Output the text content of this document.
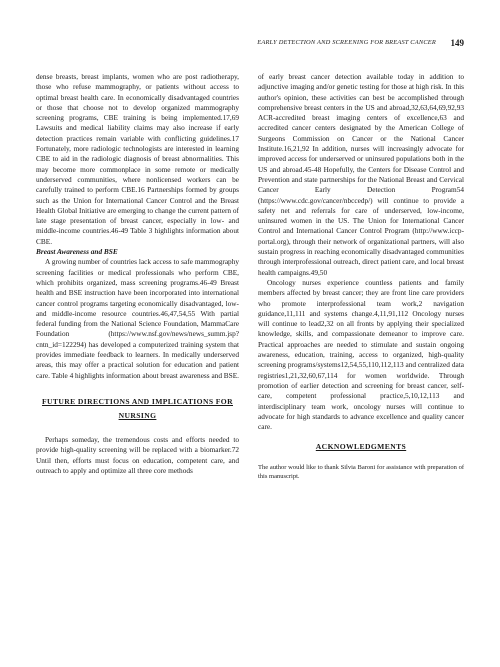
EARLY DETECTION AND SCREENING FOR BREAST CANCER 149

dense breasts, breast implants, women who are post radiotherapy, those who refuse mammography, or patients without access to optimal breast health care. In economically disadvantaged countries or those that choose not to develop organized mammography screening programs, CBE training is being implemented.17,69 Lawsuits and medical liability claims may also increase if early detection practices remain variable with conflicting guidelines.17 Fortunately, more radiologic technologists are interested in learning CBE to aid in the radiologic diagnosis of breast abnormalities. This may become more commonplace in some remote or medically underserved communities, where nonlicensed workers can be carefully trained to perform CBE.16 Partnerships formed by groups such as the Union for International Cancer Control and the Breast Health Global Initiative are emerging to change the current pattern of late stage presentation of breast cancer, especially in low- and middle-income countries.46-49 Table 3 highlights information about CBE.

Breast Awareness and BSE

A growing number of countries lack access to safe mammography screening facilities or medical professionals who perform CBE, which prohibits organized, mass screening programs.46-49 Breast health and BSE instruction have been incorporated into international cancer control programs targeting economically disadvantaged, low- and middle-income resource countries.46,47,54,55 With partial federal funding from the National Science Foundation, MammaCare Foundation (https://www.nsf.gov/news/news_summ.jsp?cntn_id=122294) has developed a computerized training system that provides immediate feedback to learners. In medically underserved areas, this may offer a practical solution for education and patient care. Table 4 highlights information about breast awareness and BSE.

FUTURE DIRECTIONS AND IMPLICATIONS FOR NURSING

Perhaps someday, the tremendous costs and efforts needed to provide high-quality screening will be replaced with a biomarker.72 Until then, efforts must focus on education, competent care, and outreach to apply and optimize all three core methods

of early breast cancer detection available today in addition to adjunctive imaging and/or genetic testing for those at high risk. In this author's opinion, these activities can best be accomplished through comprehensive breast centers in the US and abroad,32,63,64,69,92,93 ACR-accredited breast imaging centers of excellence,63 and accredited cancer centers designated by the American College of Surgeons Commission on Cancer or the National Cancer Institute.16,21,92 In addition, nurses will increasingly advocate for improved access for underserved or uninsured populations both in the US and abroad.45-48 Hopefully, the Centers for Disease Control and Prevention and state partnerships for the National Breast and Cervical Cancer Early Detection Program54 (https://www.cdc.gov/cancer/nbccedp/) will continue to provide a safety net and referrals for care of underserved, low-income, uninsured women in the US. The Union for International Cancer Control and International Cancer Control Program (http://www.iccp-portal.org), through their network of organizational partners, will also sustain progress in reaching economically disadvantaged communities through interprofessional outreach, direct patient care, and local breast health campaigns.49,50

Oncology nurses experience countless patients and family members affected by breast cancer; they are front line care providers who promote interprofessional team work,2 navigation guidance,11,111 and systems change.4,11,91,112 Oncology nurses will continue to lead2,32 on all fronts by applying their specialized knowledge, skills, and compassionate demeanor to improve care. Practical approaches are needed to stimulate and sustain ongoing awareness, education, training, access to organized, high-quality screening programs/systems12,54,55,110,112,113 and centralized data registries1,21,32,60,67,114 for women worldwide. Through promotion of earlier detection and screening for breast cancer, self-care, competent professional practice,5,10,12,113 and interdisciplinary team work, oncology nurses will continue to advocate for high standards to advance excellence and quality cancer care.

ACKNOWLEDGMENTS

The author would like to thank Silvia Baroni for assistance with preparation of this manuscript.
